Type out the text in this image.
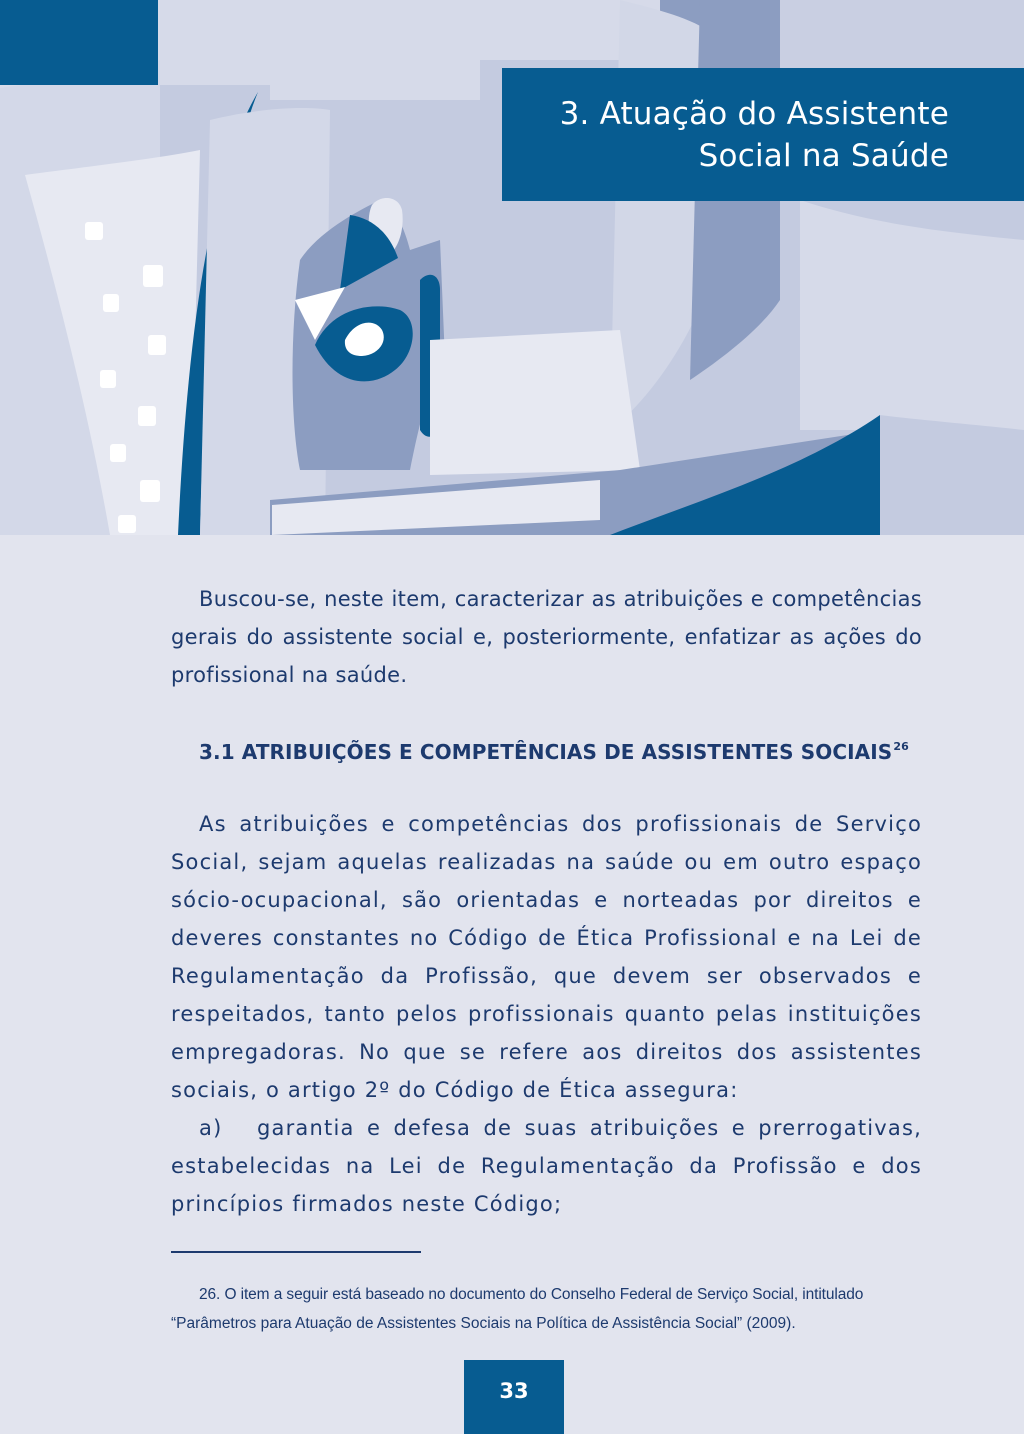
3. Atuação do Assistente
Social na Saúde

Buscou-se, neste item, caracterizar as atribuições e competências gerais do assistente social e, posteriormente, enfatizar as ações do profissional na saúde.

3.1 ATRIBUIÇÕES E COMPETÊNCIAS DE ASSISTENTES SOCIAIS$^{26}$

As atribuições e competências dos profissionais de Serviço Social, sejam aquelas realizadas na saúde ou em outro espaço sócio-ocupacional, são orientadas e norteadas por direitos e deveres constantes no Código de Ética Profissional e na Lei de Regulamentação da Profissão, que devem ser observados e respeitados, tanto pelos profissionais quanto pelas instituições empregadoras. No que se refere aos direitos dos assistentes sociais, o artigo 2º do Código de Ética assegura:

a) garantia e defesa de suas atribuições e prerrogativas, estabelecidas na Lei de Regulamentação da Profissão e dos princípios firmados neste Código;

26. O item a seguir está baseado no documento do Conselho Federal de Serviço Social, intitulado
“Parâmetros para Atuação de Assistentes Sociais na Política de Assistência Social” (2009).
33
